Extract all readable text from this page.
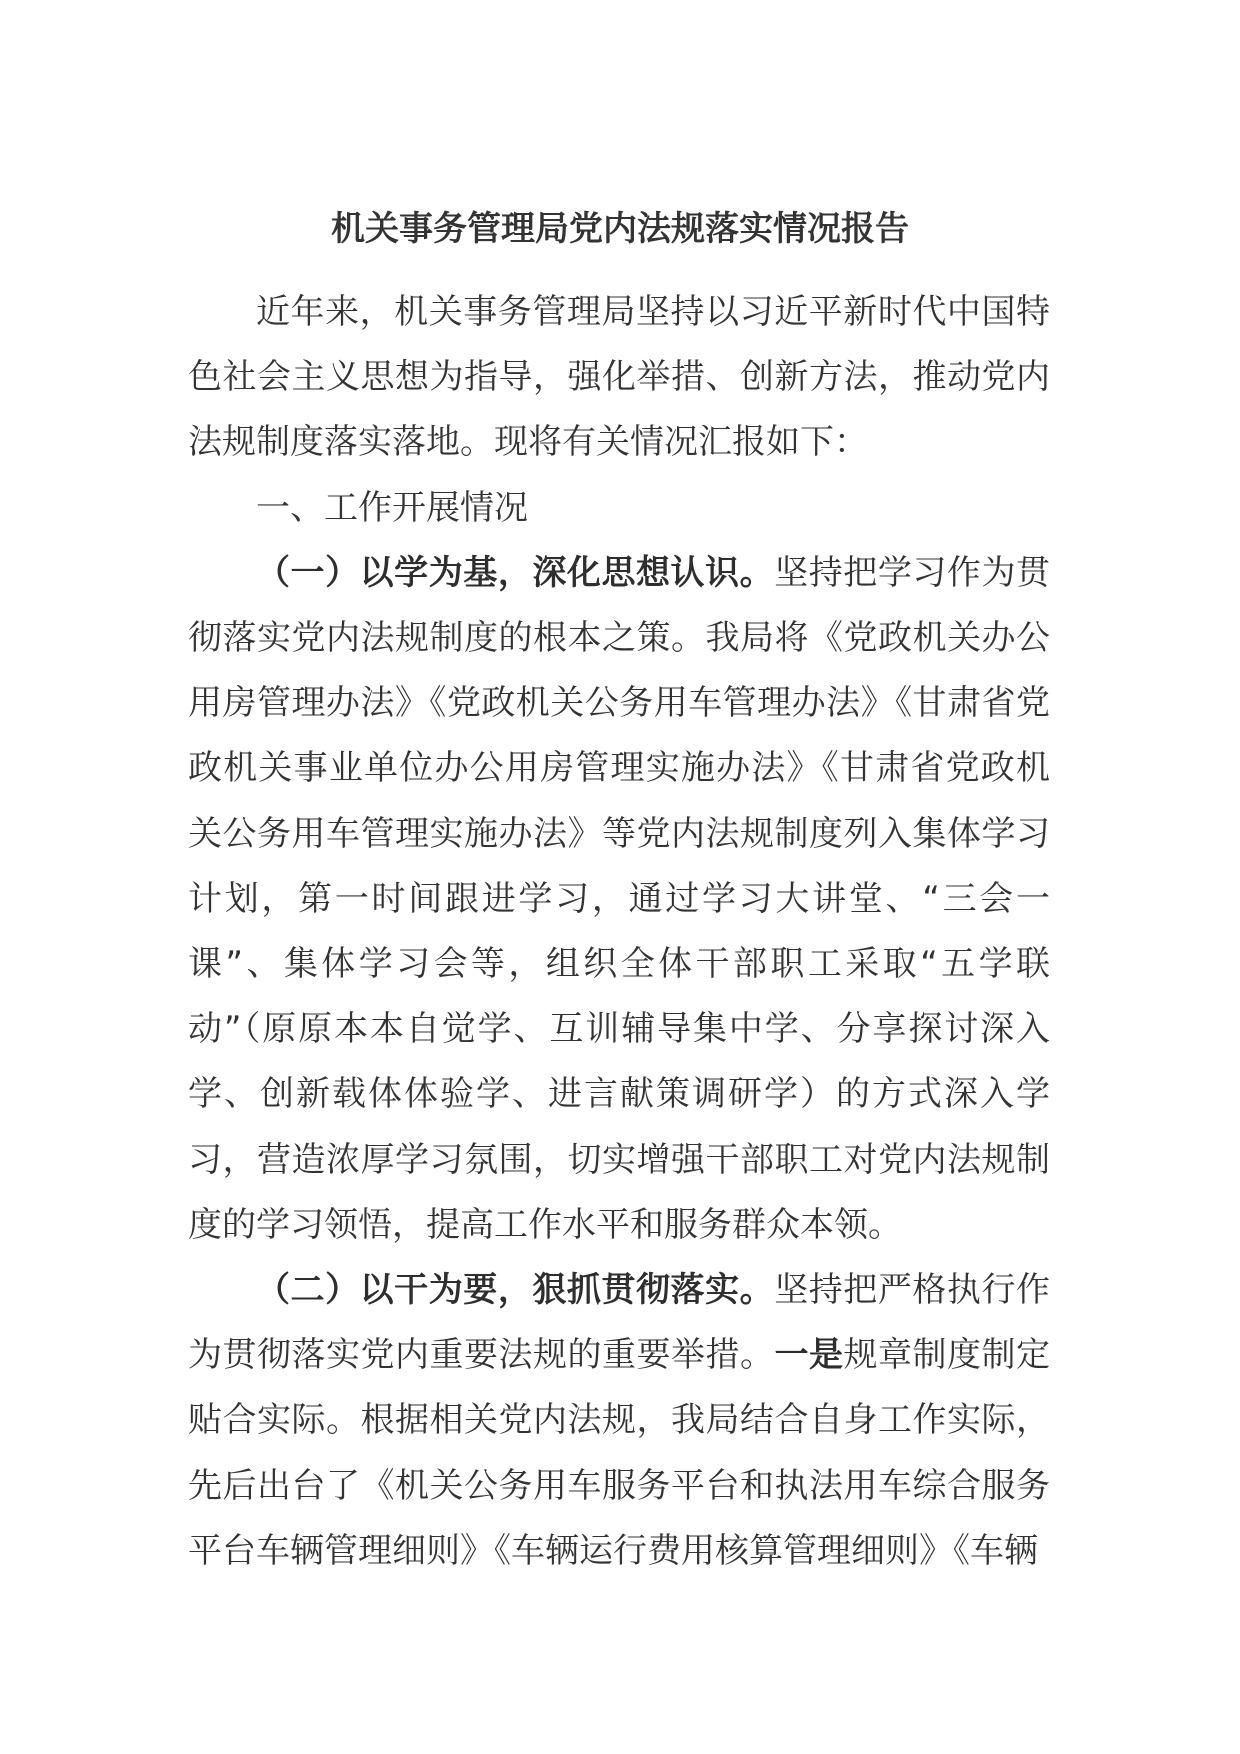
机关事务管理局党内法规落实情况报告

近年来，机关事务管理局坚持以习近平新时代中国特色社会主义思想为指导，强化举措、创新方法，推动党内法规制度落实落地。现将有关情况汇报如下：

一、工作开展情况

（一）以学为基，深化思想认识。坚持把学习作为贯彻落实党内法规制度的根本之策。我局将《党政机关办公用房管理办法》《党政机关公务用车管理办法》《甘肃省党政机关事业单位办公用房管理实施办法》《甘肃省党政机关公务用车管理实施办法》等党内法规制度列入集体学习计划，第一时间跟进学习，通过学习大讲堂、“三会一课”、集体学习会等，组织全体干部职工采取“五学联动”（原原本本自觉学、互训辅导集中学、分享探讨深入学、创新载体体验学、进言献策调研学）的方式深入学习，营造浓厚学习氛围，切实增强干部职工对党内法规制度的学习领悟，提高工作水平和服务群众本领。

（二）以干为要，狠抓贯彻落实。坚持把严格执行作为贯彻落实党内重要法规的重要举措。一是规章制度制定贴合实际。根据相关党内法规，我局结合自身工作实际，先后出台了《机关公务用车服务平台和执法用车综合服务平台车辆管理细则》《车辆运行费用核算管理细则》《车辆
